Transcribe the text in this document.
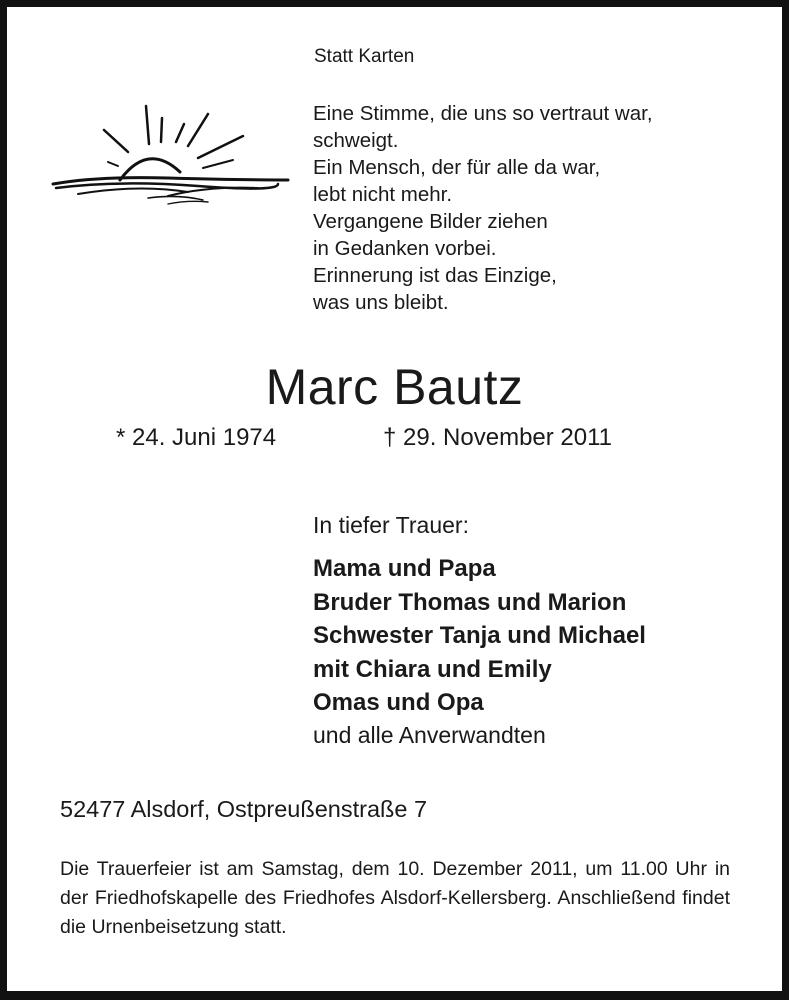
Statt Karten
Eine Stimme, die uns so vertraut war,
schweigt.
Ein Mensch, der für alle da war,
lebt nicht mehr.
Vergangene Bilder ziehen
in Gedanken vorbei.
Erinnerung ist das Einzige,
was uns bleibt.
Marc Bautz
* 24. Juni 1974	† 29. November 2011
In tiefer Trauer:
Mama und Papa
Bruder Thomas und Marion
Schwester Tanja und Michael
mit Chiara und Emily
Omas und Opa
und alle Anverwandten
52477 Alsdorf, Ostpreußenstraße 7
Die Trauerfeier ist am Samstag, dem 10. Dezember 2011, um 11.00 Uhr in der Friedhofskapelle des Friedhofes Alsdorf-Kellersberg. Anschließend findet die Urnenbeisetzung statt.
